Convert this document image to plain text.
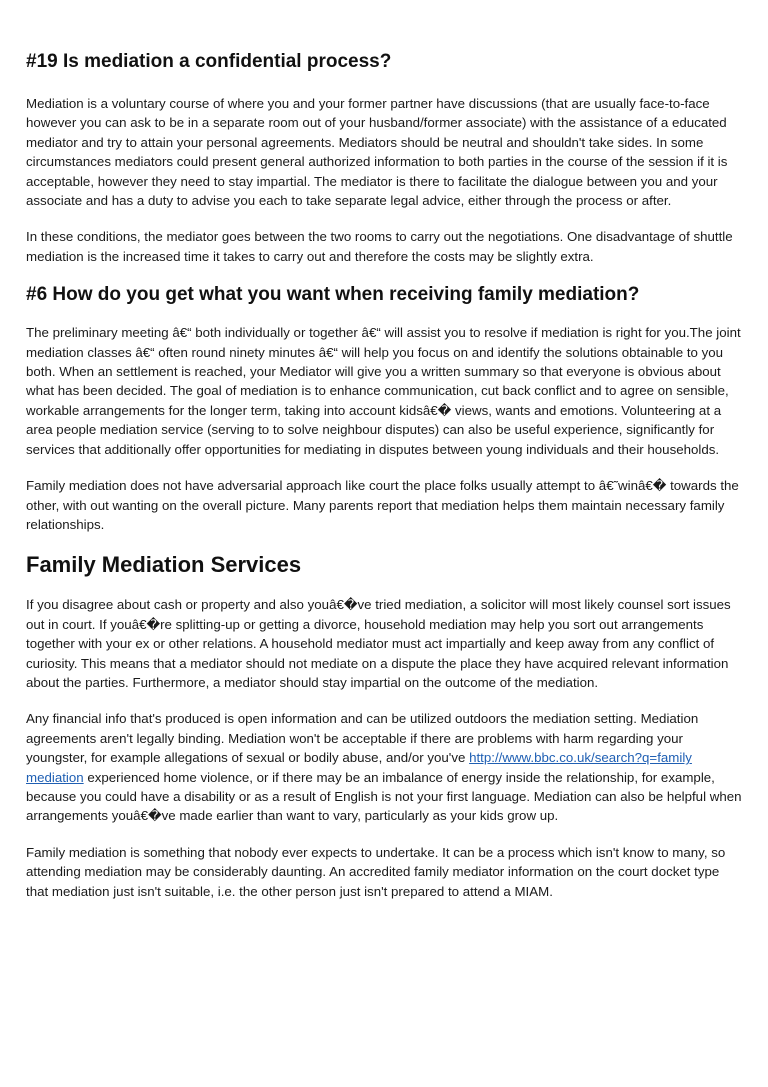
#19 Is mediation a confidential process?

Mediation is a voluntary course of where you and your former partner have discussions (that are usually face-to-face however you can ask to be in a separate room out of your husband/former associate) with the assistance of a educated mediator and try to attain your personal agreements. Mediators should be neutral and shouldn't take sides. In some circumstances mediators could present general authorized information to both parties in the course of the session if it is acceptable, however they need to stay impartial. The mediator is there to facilitate the dialogue between you and your associate and has a duty to advise you each to take separate legal advice, either through the process or after.

In these conditions, the mediator goes between the two rooms to carry out the negotiations. One disadvantage of shuttle mediation is the increased time it takes to carry out and therefore the costs may be slightly extra.

#6 How do you get what you want when receiving family mediation?

The preliminary meeting â€“ both individually or together â€“ will assist you to resolve if mediation is right for you.The joint mediation classes â€“ often round ninety minutes â€“ will help you focus on and identify the solutions obtainable to you both. When an settlement is reached, your Mediator will give you a written summary so that everyone is obvious about what has been decided. The goal of mediation is to enhance communication, cut back conflict and to agree on sensible, workable arrangements for the longer term, taking into account kidsâ€� views, wants and emotions. Volunteering at a area people mediation service (serving to to solve neighbour disputes) can also be useful experience, significantly for services that additionally offer opportunities for mediating in disputes between young individuals and their households.

Family mediation does not have adversarial approach like court the place folks usually attempt to â€˜winâ€� towards the other, with out wanting on the overall picture. Many parents report that mediation helps them maintain necessary family relationships.

Family Mediation Services

If you disagree about cash or property and also youâ€�ve tried mediation, a solicitor will most likely counsel sort issues out in court. If youâ€�re splitting-up or getting a divorce, household mediation may help you sort out arrangements together with your ex or other relations. A household mediator must act impartially and keep away from any conflict of curiosity. This means that a mediator should not mediate on a dispute the place they have acquired relevant information about the parties. Furthermore, a mediator should stay impartial on the outcome of the mediation.

Any financial info that's produced is open information and can be utilized outdoors the mediation setting. Mediation agreements aren't legally binding. Mediation won't be acceptable if there are problems with harm regarding your youngster, for example allegations of sexual or bodily abuse, and/or you've http://www.bbc.co.uk/search?q=family mediation experienced home violence, or if there may be an imbalance of energy inside the relationship, for example, because you could have a disability or as a result of English is not your first language. Mediation can also be helpful when arrangements youâ€�ve made earlier than want to vary, particularly as your kids grow up.

Family mediation is something that nobody ever expects to undertake. It can be a process which isn't know to many, so attending mediation may be considerably daunting. An accredited family mediator information on the court docket type that mediation just isn't suitable, i.e. the other person just isn't prepared to attend a MIAM.
